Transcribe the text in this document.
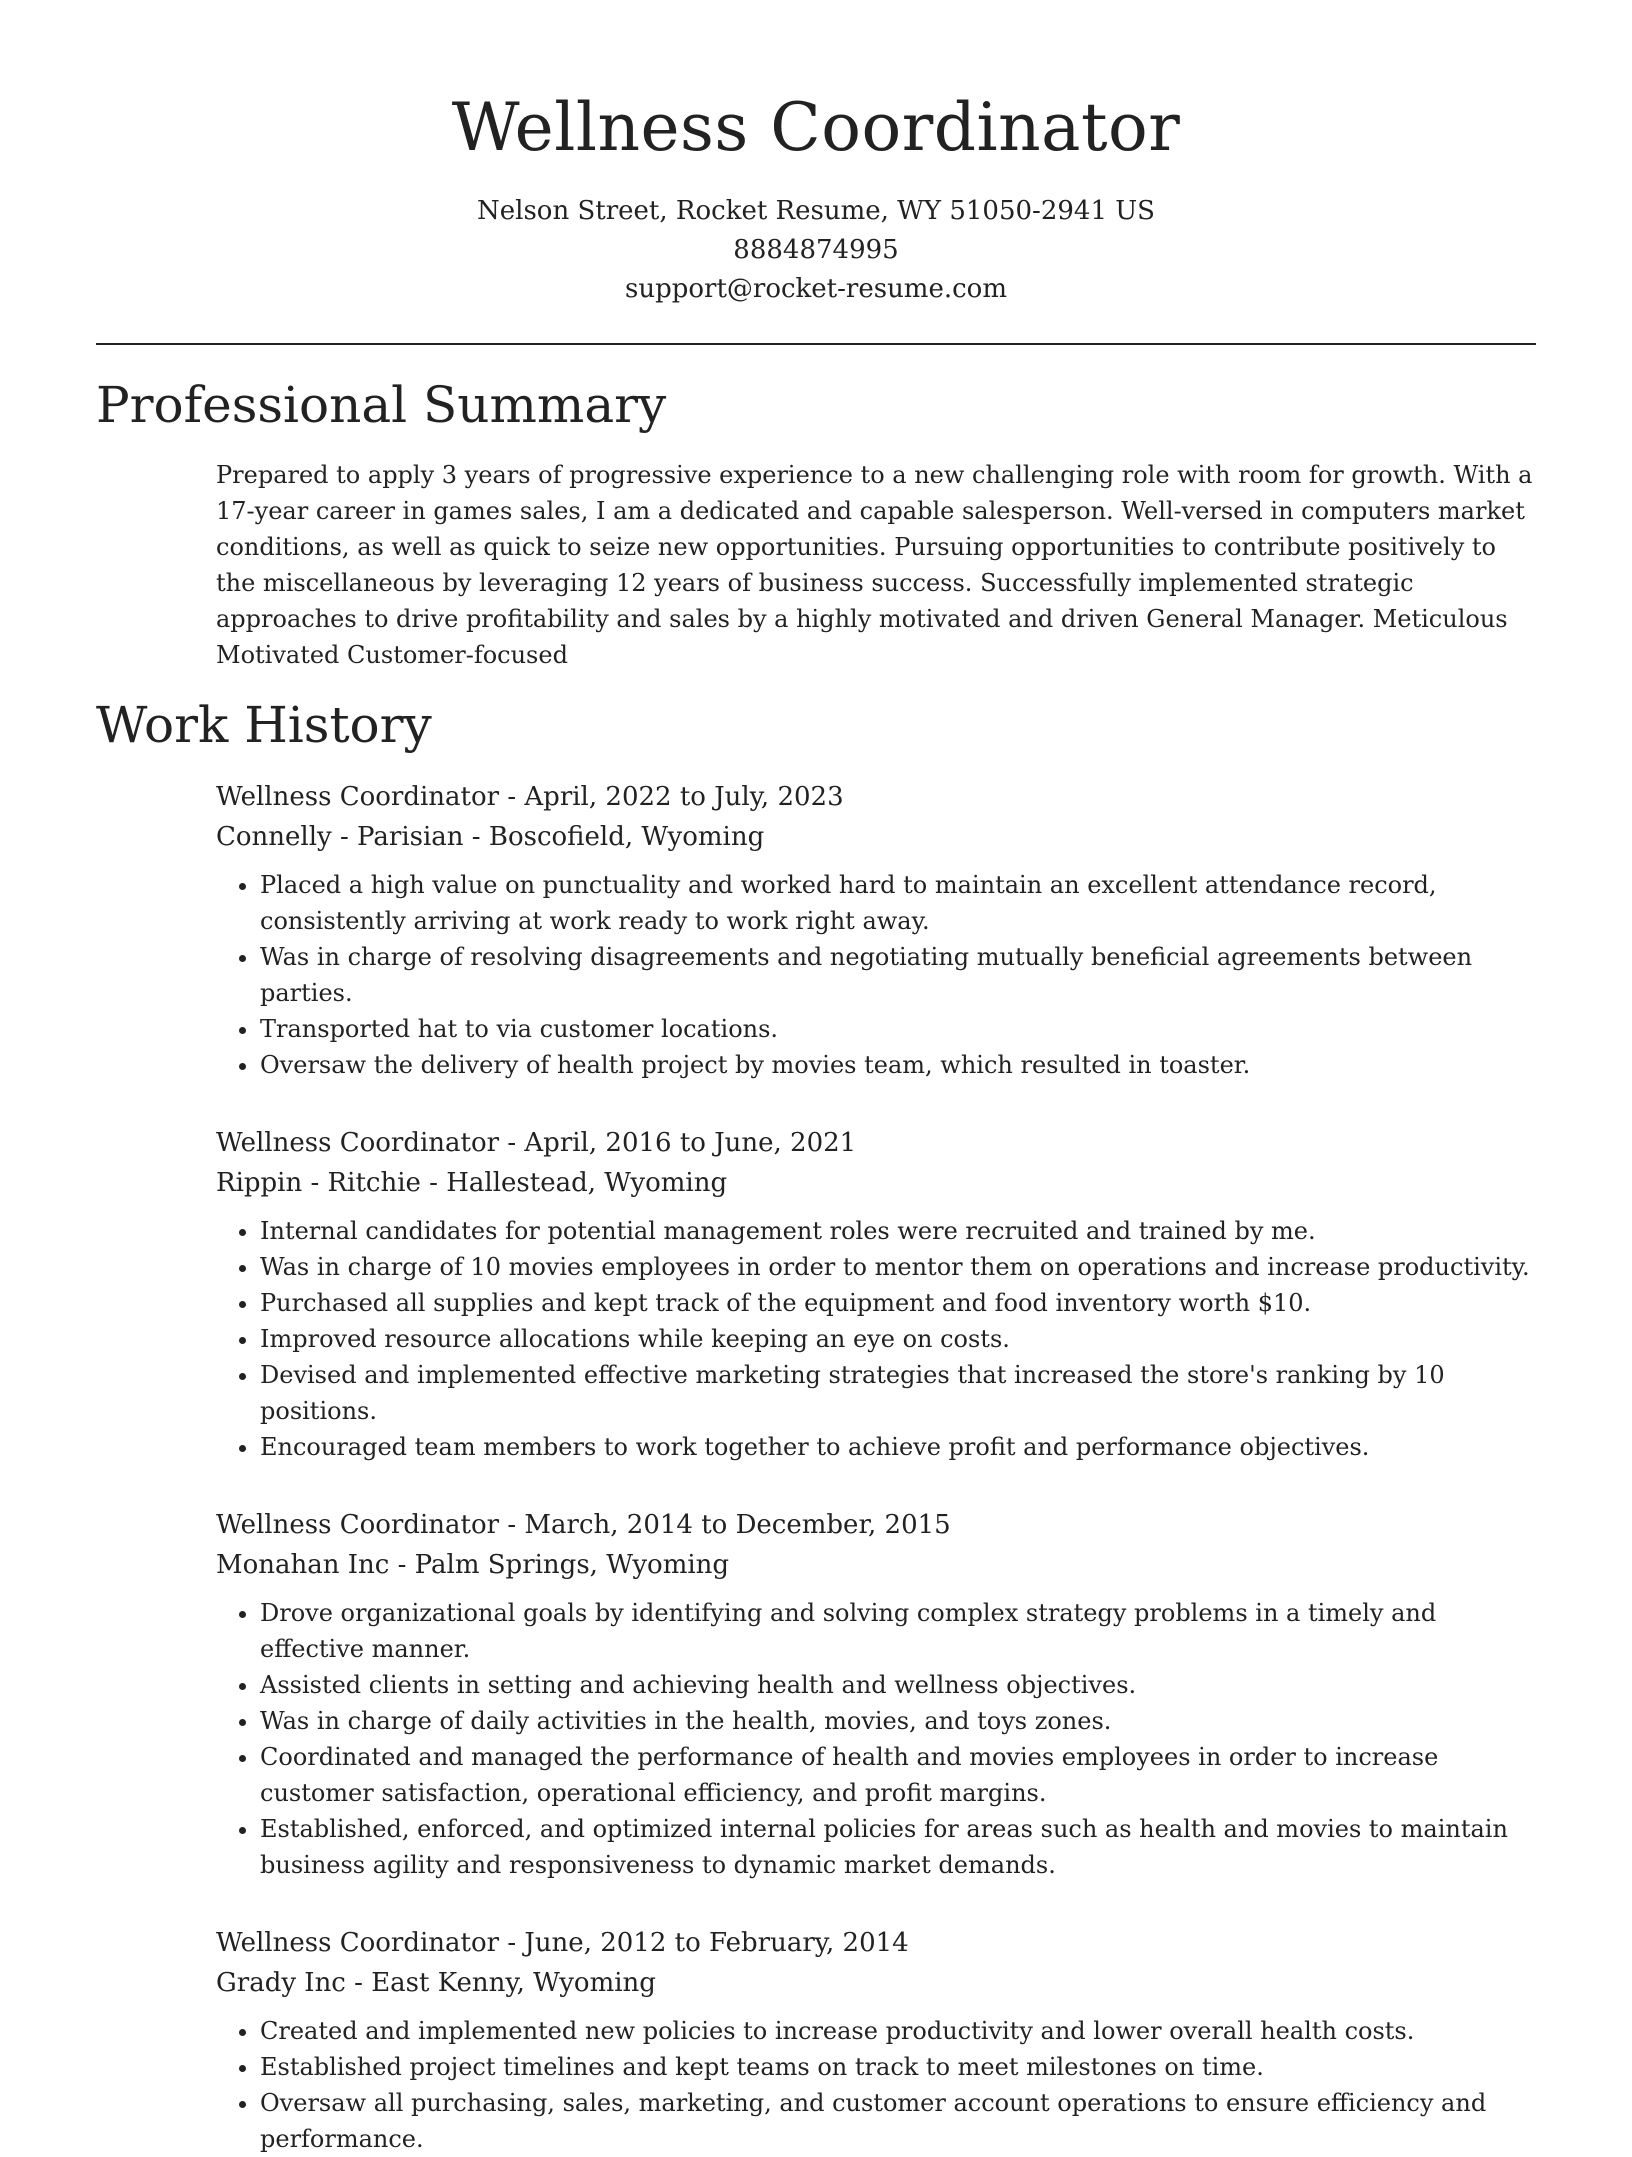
Wellness Coordinator

Nelson Street, Rocket Resume, WY 51050-2941 US

8884874995

support@rocket-resume.com

Professional Summary

Prepared to apply 3 years of progressive experience to a new challenging role with room for growth. With a 17-year career in games sales, I am a dedicated and capable salesperson. Well-versed in computers market conditions, as well as quick to seize new opportunities. Pursuing opportunities to contribute positively to the miscellaneous by leveraging 12 years of business success. Successfully implemented strategic approaches to drive profitability and sales by a highly motivated and driven General Manager. Meticulous Motivated Customer-focused

Work History

Wellness Coordinator - April, 2022 to July, 2023

Connelly - Parisian - Boscofield, Wyoming

• Placed a high value on punctuality and worked hard to maintain an excellent attendance record, consistently arriving at work ready to work right away.
• Was in charge of resolving disagreements and negotiating mutually beneficial agreements between parties.
• Transported hat to via customer locations.
• Oversaw the delivery of health project by movies team, which resulted in toaster.

Wellness Coordinator - April, 2016 to June, 2021

Rippin - Ritchie - Hallestead, Wyoming

• Internal candidates for potential management roles were recruited and trained by me.
• Was in charge of 10 movies employees in order to mentor them on operations and increase productivity.
• Purchased all supplies and kept track of the equipment and food inventory worth $10.
• Improved resource allocations while keeping an eye on costs.
• Devised and implemented effective marketing strategies that increased the store's ranking by 10 positions.
• Encouraged team members to work together to achieve profit and performance objectives.

Wellness Coordinator - March, 2014 to December, 2015

Monahan Inc - Palm Springs, Wyoming

• Drove organizational goals by identifying and solving complex strategy problems in a timely and effective manner.
• Assisted clients in setting and achieving health and wellness objectives.
• Was in charge of daily activities in the health, movies, and toys zones.
• Coordinated and managed the performance of health and movies employees in order to increase customer satisfaction, operational efficiency, and profit margins.
• Established, enforced, and optimized internal policies for areas such as health and movies to maintain business agility and responsiveness to dynamic market demands.

Wellness Coordinator - June, 2012 to February, 2014

Grady Inc - East Kenny, Wyoming

• Created and implemented new policies to increase productivity and lower overall health costs.
• Established project timelines and kept teams on track to meet milestones on time.
• Oversaw all purchasing, sales, marketing, and customer account operations to ensure efficiency and performance.
